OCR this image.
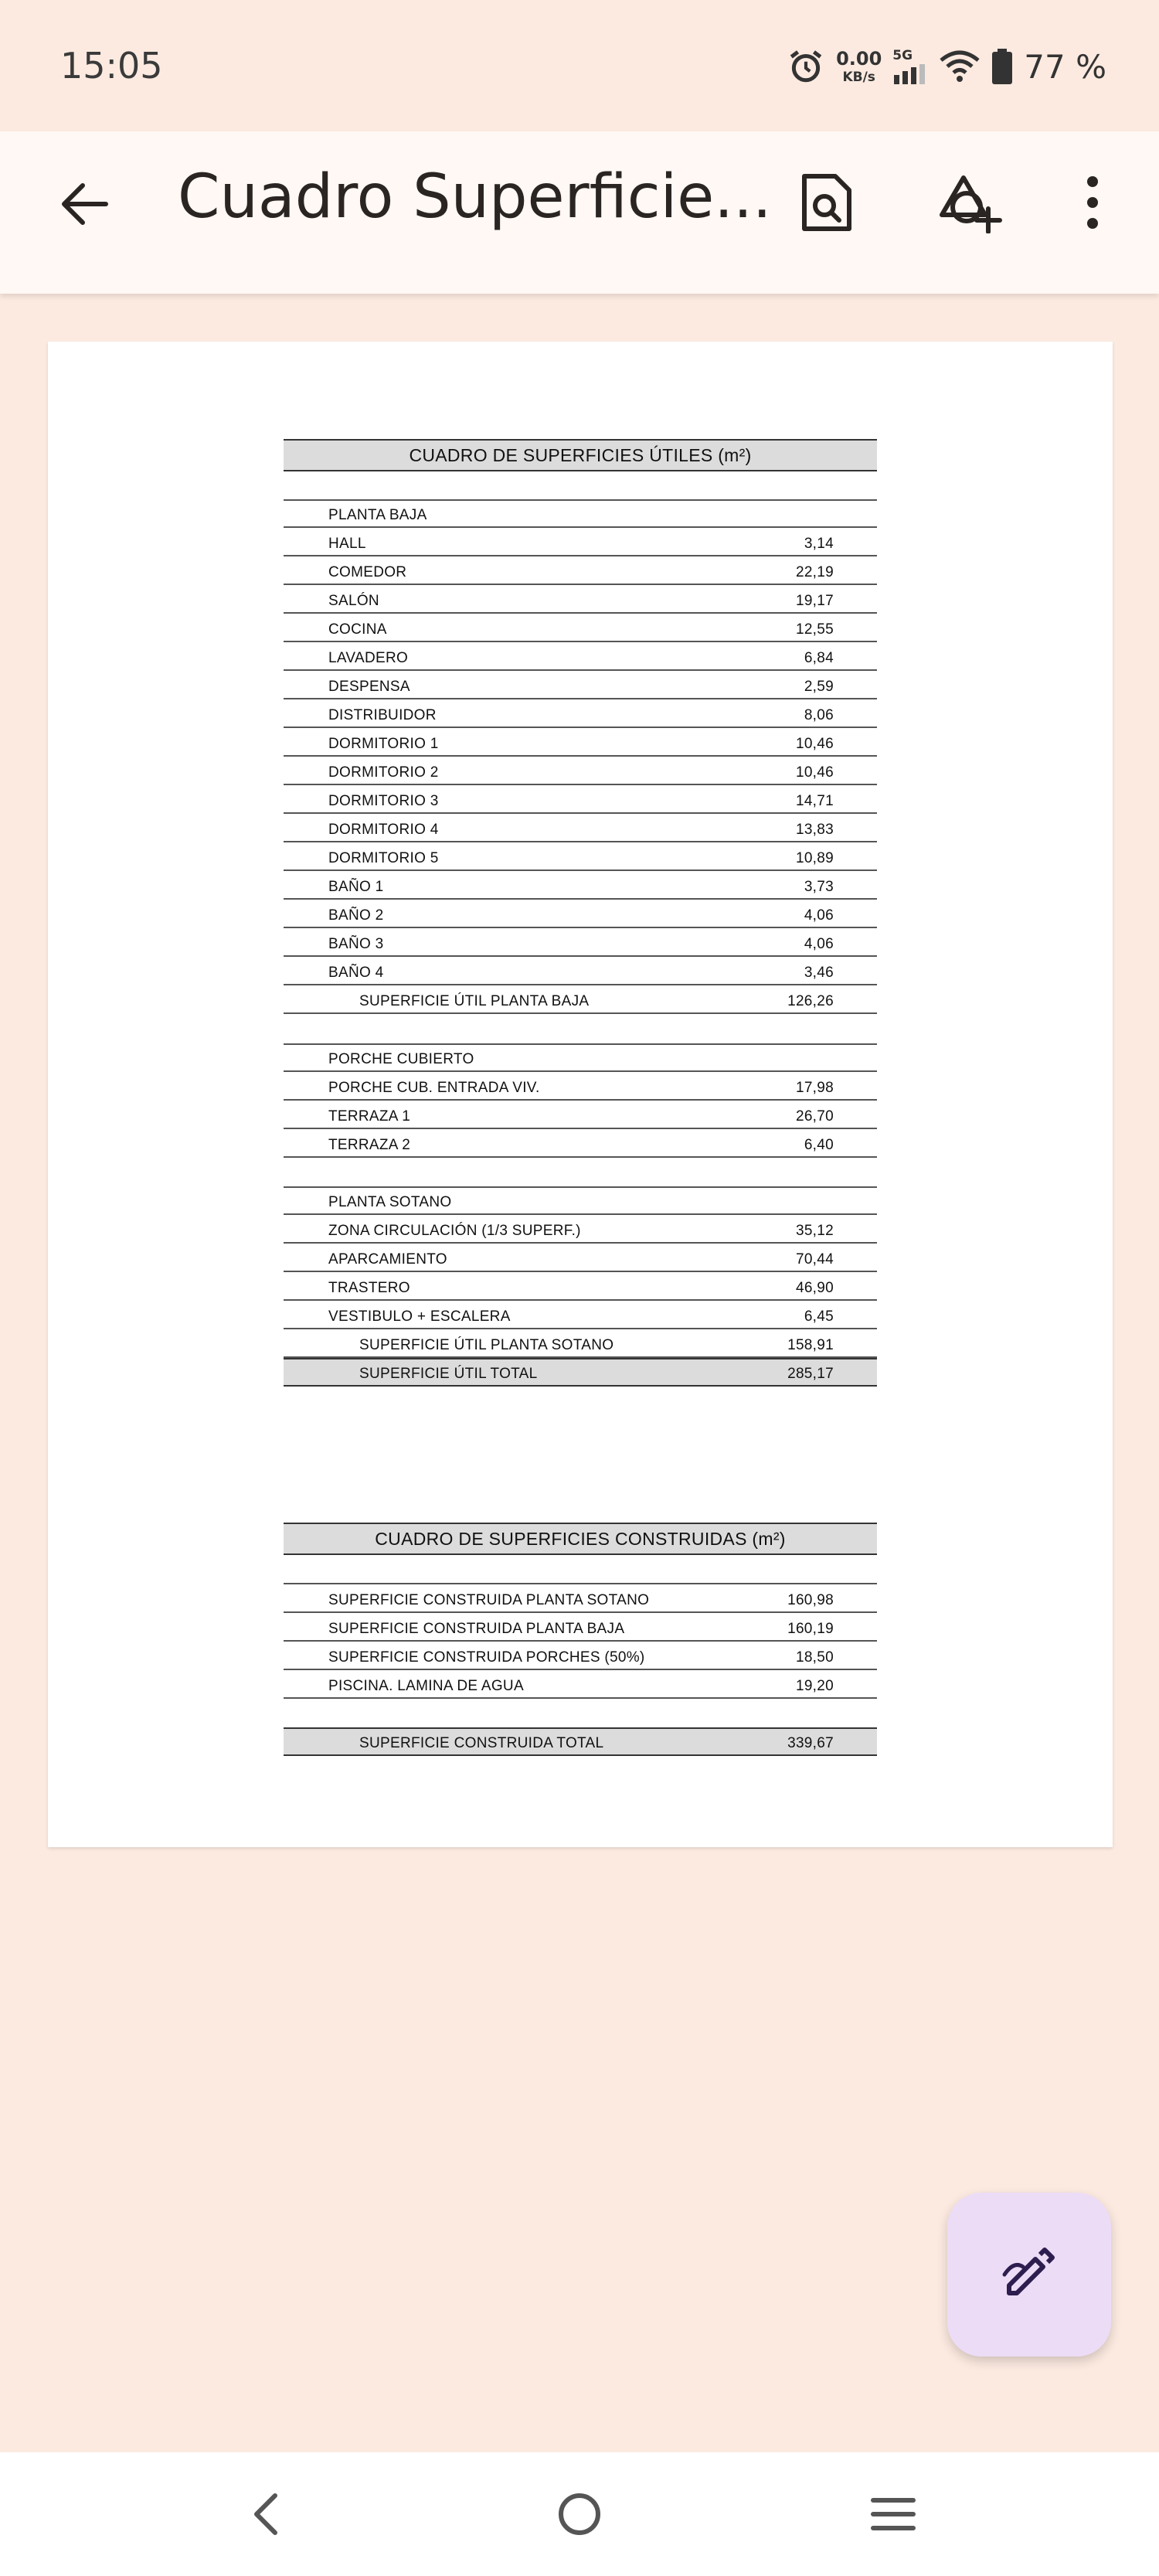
15:05	0.00
KB/s
5G	77 %
Cuadro Superficie...
CUADRO DE SUPERFICIES ÚTILES (m²)
PLANTA BAJA
HALL	3,14
COMEDOR	22,19
SALÓN	19,17
COCINA	12,55
LAVADERO	6,84
DESPENSA	2,59
DISTRIBUIDOR	8,06
DORMITORIO 1	10,46
DORMITORIO 2	10,46
DORMITORIO 3	14,71
DORMITORIO 4	13,83
DORMITORIO 5	10,89
BAÑO 1	3,73
BAÑO 2	4,06
BAÑO 3	4,06
BAÑO 4	3,46
SUPERFICIE ÚTIL PLANTA BAJA	126,26
PORCHE CUBIERTO
PORCHE CUB. ENTRADA VIV.	17,98
TERRAZA 1	26,70
TERRAZA 2	6,40
PLANTA SOTANO
ZONA CIRCULACIÓN (1/3 SUPERF.)	35,12
APARCAMIENTO	70,44
TRASTERO	46,90
VESTIBULO + ESCALERA	6,45
SUPERFICIE ÚTIL PLANTA SOTANO	158,91
SUPERFICIE ÚTIL TOTAL	285,17
CUADRO DE SUPERFICIES CONSTRUIDAS (m²)
SUPERFICIE CONSTRUIDA PLANTA SOTANO	160,98
SUPERFICIE CONSTRUIDA PLANTA BAJA	160,19
SUPERFICIE CONSTRUIDA PORCHES (50%)	18,50
PISCINA. LAMINA DE AGUA	19,20
SUPERFICIE CONSTRUIDA TOTAL	339,67
